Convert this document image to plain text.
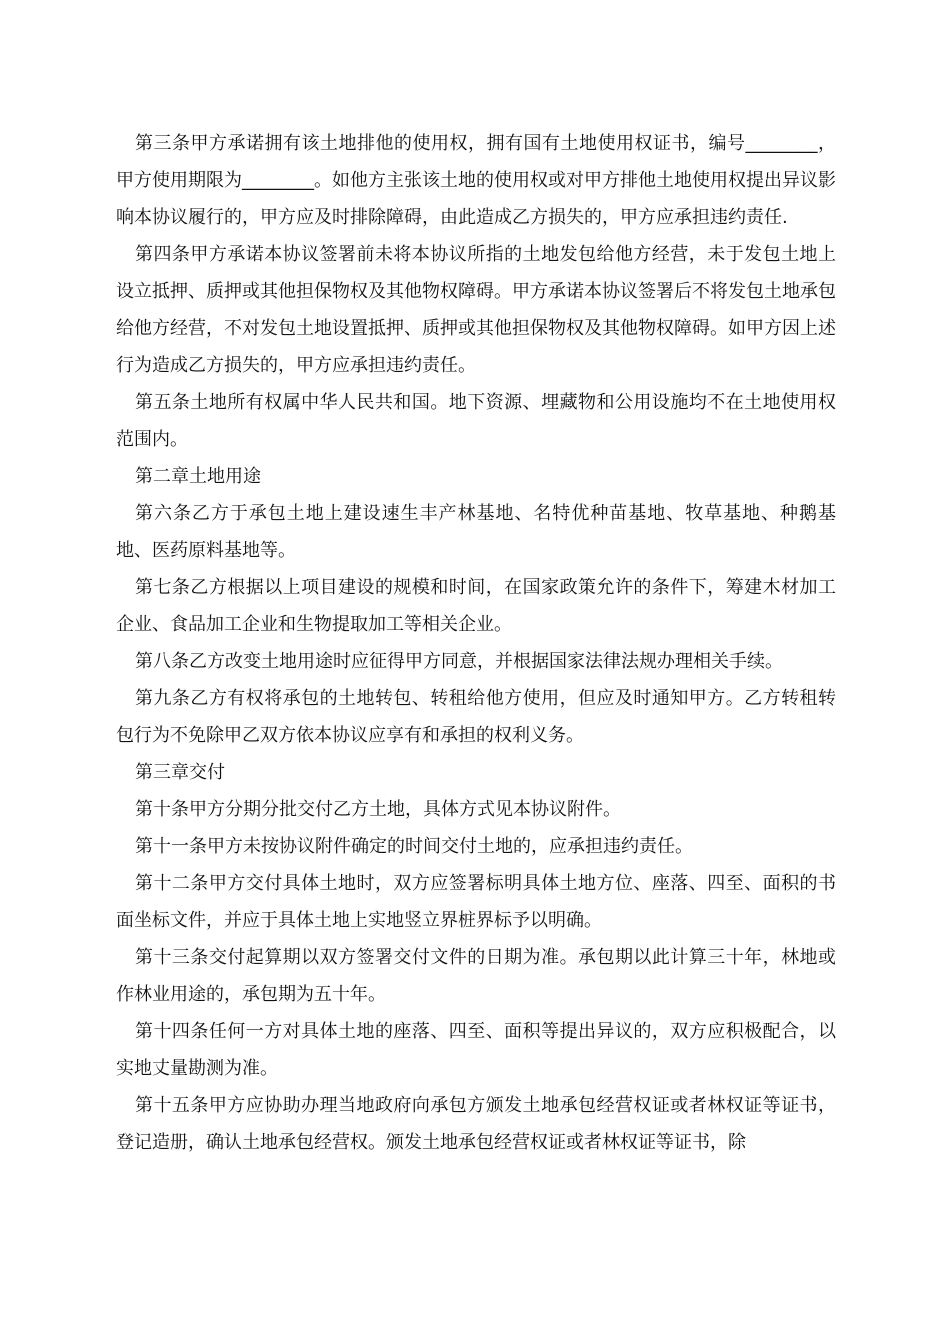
第三条甲方承诺拥有该土地排他的使用权，拥有国有土地使用权证书，编号________，甲方使用期限为________。如他方主张该土地的使用权或对甲方排他土地使用权提出异议影响本协议履行的，甲方应及时排除障碍，由此造成乙方损失的，甲方应承担违约责任.

第四条甲方承诺本协议签署前未将本协议所指的土地发包给他方经营，未于发包土地上设立抵押、质押或其他担保物权及其他物权障碍。甲方承诺本协议签署后不将发包土地承包给他方经营，不对发包土地设置抵押、质押或其他担保物权及其他物权障碍。如甲方因上述行为造成乙方损失的，甲方应承担违约责任。

第五条土地所有权属中华人民共和国。地下资源、埋藏物和公用设施均不在土地使用权范围内。

第二章土地用途

第六条乙方于承包土地上建设速生丰产林基地、名特优种苗基地、牧草基地、种鹅基地、医药原料基地等。

第七条乙方根据以上项目建设的规模和时间，在国家政策允许的条件下，筹建木材加工企业、食品加工企业和生物提取加工等相关企业。

第八条乙方改变土地用途时应征得甲方同意，并根据国家法律法规办理相关手续。

第九条乙方有权将承包的土地转包、转租给他方使用，但应及时通知甲方。乙方转租转包行为不免除甲乙双方依本协议应享有和承担的权利义务。

第三章交付

第十条甲方分期分批交付乙方土地，具体方式见本协议附件。

第十一条甲方未按协议附件确定的时间交付土地的，应承担违约责任。

第十二条甲方交付具体土地时，双方应签署标明具体土地方位、座落、四至、面积的书面坐标文件，并应于具体土地上实地竖立界桩界标予以明确。

第十三条交付起算期以双方签署交付文件的日期为准。承包期以此计算三十年，林地或作林业用途的，承包期为五十年。

第十四条任何一方对具体土地的座落、四至、面积等提出异议的，双方应积极配合，以实地丈量勘测为准。

第十五条甲方应协助办理当地政府向承包方颁发土地承包经营权证或者林权证等证书，登记造册，确认土地承包经营权。颁发土地承包经营权证或者林权证等证书，除
